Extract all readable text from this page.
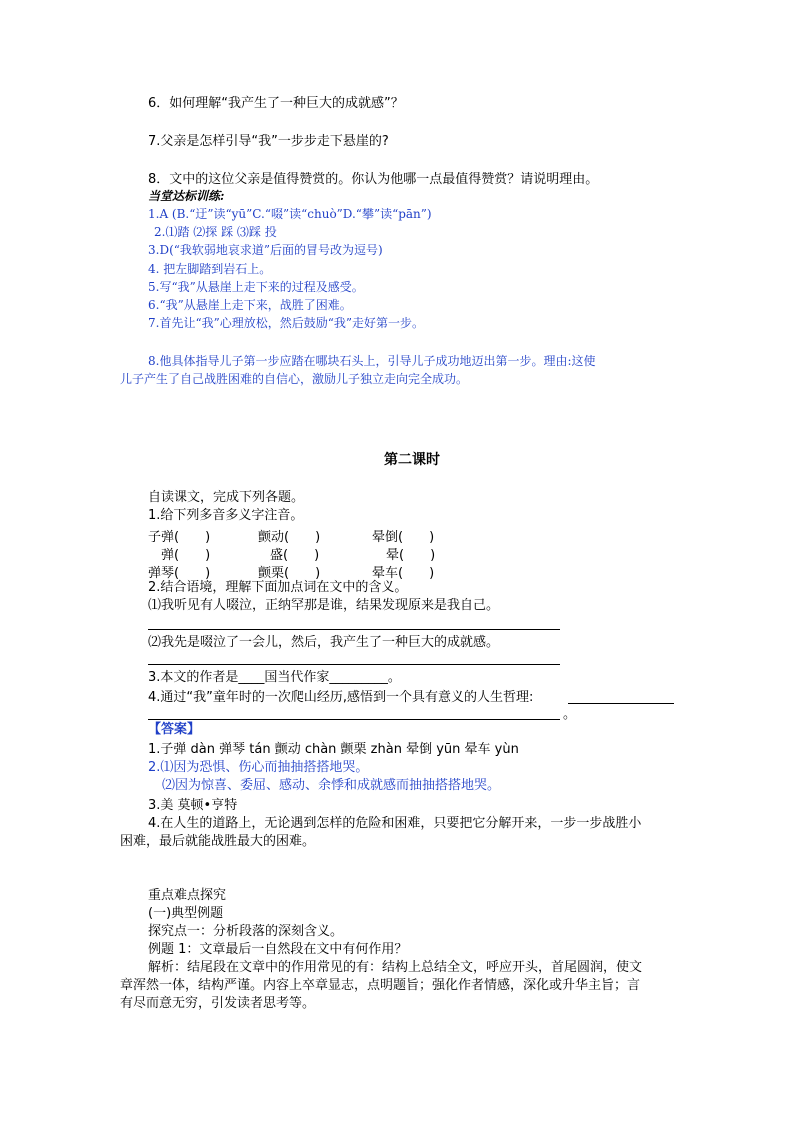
6．如何理解“我产生了一种巨大的成就感”？
7.父亲是怎样引导“我”一步步走下悬崖的?
8．文中的这位父亲是值得赞赏的。你认为他哪一点最值得赞赏？请说明理由。
当堂达标训练:
1.A (B.“迂”读“yū”C.“啜”读“chuò”D.“攀”读“pān”)
2.⑴踏 ⑵探 踩 ⑶踩 投
3.D(“我软弱地哀求道”后面的冒号改为逗号)
4. 把左脚踏到岩石上。
5.写“我”从悬崖上走下来的过程及感受。
6.“我”从悬崖上走下来，战胜了困难。
7.首先让“我”心理放松，然后鼓励“我”走好第一步。
8.他具体指导儿子第一步应踏在哪块石头上，引导儿子成功地迈出第一步。理由:这使
儿子产生了自己战胜困难的自信心，激励儿子独立走向完全成功。
第二课时
自读课文，完成下列各题。
1.给下列多音多义字注音。
子弹(　　)	颤动(　　)	晕倒(　　)
　弹(　　)	　　盛(　　)	　　晕(　　)
弹琴(　　)	颤栗(　　)	晕车(　　)
2.结合语境，理解下面加点词在文中的含义。
⑴我听见有人啜泣，正纳罕那是谁，结果发现原来是我自己。
⑵我先是啜泣了一会儿，然后，我产生了一种巨大的成就感。
3.本文的作者是____国当代作家_________。
4.通过“我”童年时的一次爬山经历,感悟到一个具有意义的人生哲理:
。
【答案】
1.子弹 dàn 弹琴 tán 颤动 chàn 颤栗 zhàn 晕倒 yūn 晕车 yùn
2.⑴因为恐惧、伤心而抽抽搭搭地哭。
⑵因为惊喜、委屈、感动、余悸和成就感而抽抽搭搭地哭。
3.美 莫顿•亨特
4.在人生的道路上，无论遇到怎样的危险和困难，只要把它分解开来，一步一步战胜小
困难，最后就能战胜最大的困难。
重点难点探究
(一)典型例题
探究点一：分析段落的深刻含义。
例题 1：文章最后一自然段在文中有何作用？
解析：结尾段在文章中的作用常见的有：结构上总结全文，呼应开头，首尾圆润，使文
章浑然一体，结构严谨。内容上卒章显志，点明题旨；强化作者情感，深化或升华主旨；言
有尽而意无穷，引发读者思考等。
